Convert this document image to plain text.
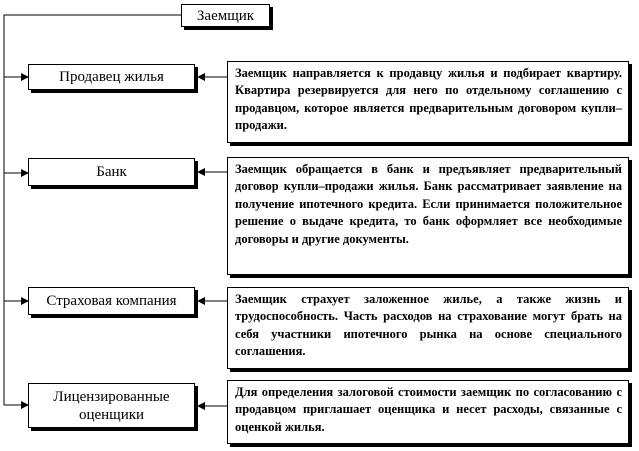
Заемщик
Продавец жилья
Банк
Страховая компания
Лицензированные оценщики
Заемщик направляется к продавцу жилья и подбирает квартиру. Квартира резервируется для него по отдельному соглашению с продавцом, которое является предварительным договором купли–продажи.
Заемщик обращается в банк и предъявляет предварительный договор купли–продажи жилья. Банк рассматривает заявление на получение ипотечного кредита. Если принимается положительное решение о выдаче кредита, то банк оформляет все необходимые договоры и другие документы.
Заемщик страхует заложенное жилье, а также жизнь и трудоспособность. Часть расходов на страхование могут брать на себя участники ипотечного рынка на основе специального соглашения.
Для определения залоговой стоимости заемщик по согласованию с продавцом приглашает оценщика и несет расходы, связанные с оценкой жилья.
